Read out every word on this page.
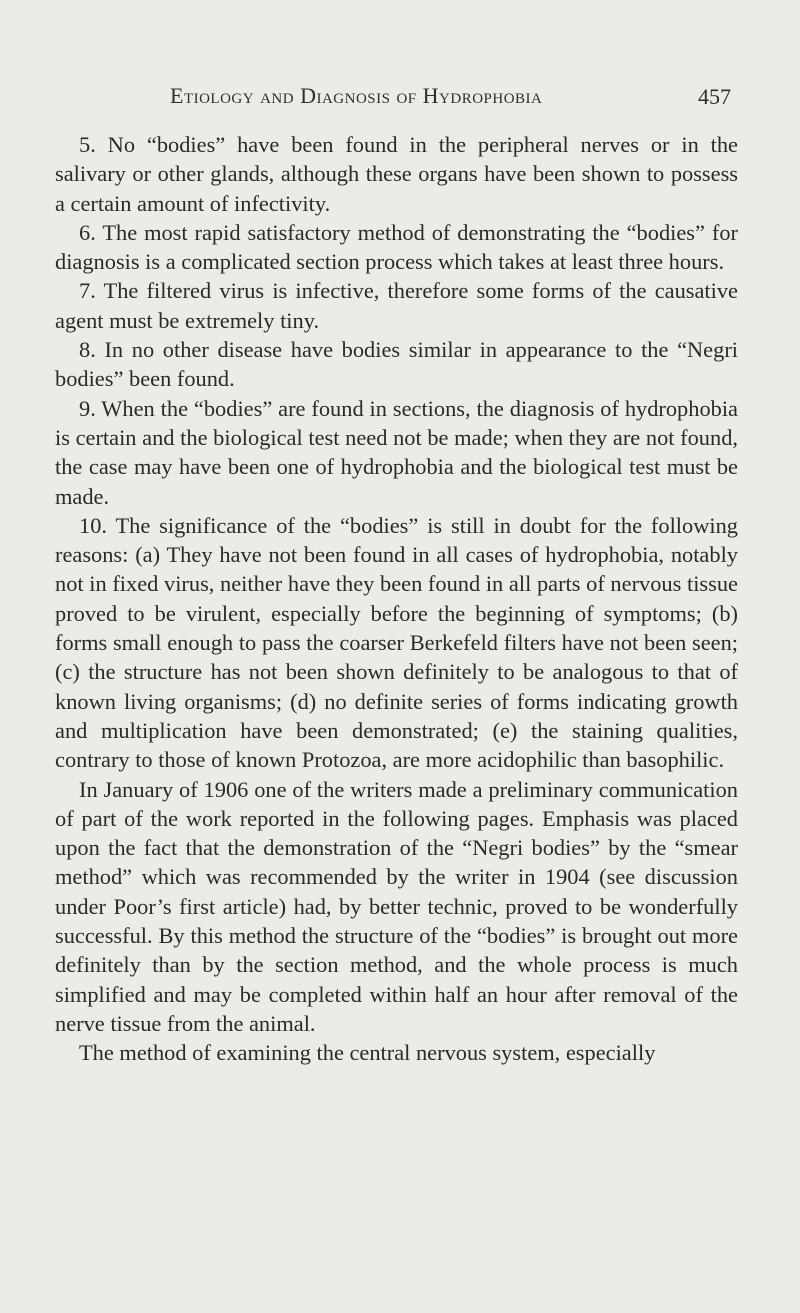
Etiology and Diagnosis of Hydrophobia	457

5. No “bodies” have been found in the peripheral nerves or in the salivary or other glands, although these organs have been shown to possess a certain amount of infectivity.

6. The most rapid satisfactory method of demonstrating the “bodies” for diagnosis is a complicated section process which takes at least three hours.

7. The filtered virus is infective, therefore some forms of the causative agent must be extremely tiny.

8. In no other disease have bodies similar in appearance to the “Negri bodies” been found.

9. When the “bodies” are found in sections, the diagnosis of hydrophobia is certain and the biological test need not be made; when they are not found, the case may have been one of hydrophobia and the biological test must be made.

10. The significance of the “bodies” is still in doubt for the following reasons: (a) They have not been found in all cases of hydrophobia, notably not in fixed virus, neither have they been found in all parts of nervous tissue proved to be virulent, especially before the beginning of symptoms; (b) forms small enough to pass the coarser Berkefeld filters have not been seen; (c) the structure has not been shown definitely to be analogous to that of known living organisms; (d) no definite series of forms indicating growth and multiplication have been demonstrated; (e) the staining qualities, contrary to those of known Protozoa, are more acidophilic than basophilic.

In January of 1906 one of the writers made a preliminary communication of part of the work reported in the following pages. Emphasis was placed upon the fact that the demonstration of the “Negri bodies” by the “smear method” which was recommended by the writer in 1904 (see discussion under Poor’s first article) had, by better technic, proved to be wonderfully successful. By this method the structure of the “bodies” is brought out more definitely than by the section method, and the whole process is much simplified and may be completed within half an hour after removal of the nerve tissue from the animal.

The method of examining the central nervous system, especially
